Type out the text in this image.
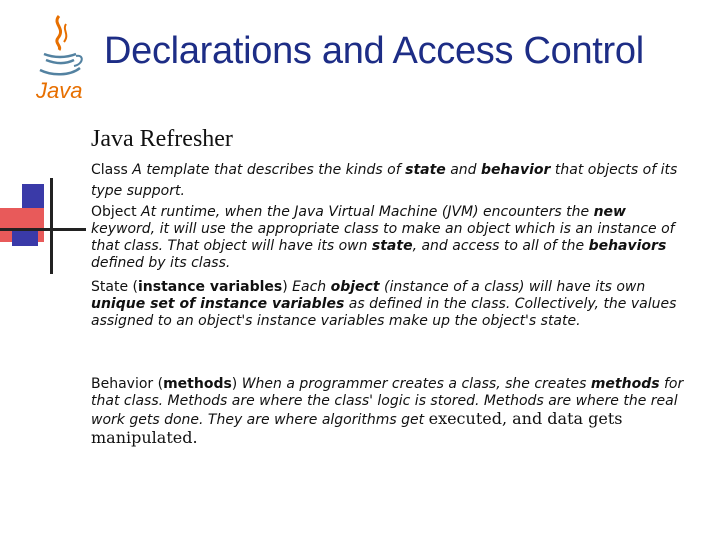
Java
Declarations and Access Control
Java Refresher

Class A template that describes the kinds of state and behavior that objects of its type support.

Object At runtime, when the Java Virtual Machine (JVM) encounters the new keyword, it will use the appropriate class to make an object which is an instance of that class. That object will have its own state, and access to all of the behaviors defined by its class.

State (instance variables) Each object (instance of a class) will have its own unique set of instance variables as defined in the class. Collectively, the values assigned to an object's instance variables make up the object's state.

Behavior (methods) When a programmer creates a class, she creates methods for that class. Methods are where the class' logic is stored. Methods are where the real work gets done. They are where algorithms get executed, and data gets manipulated.
